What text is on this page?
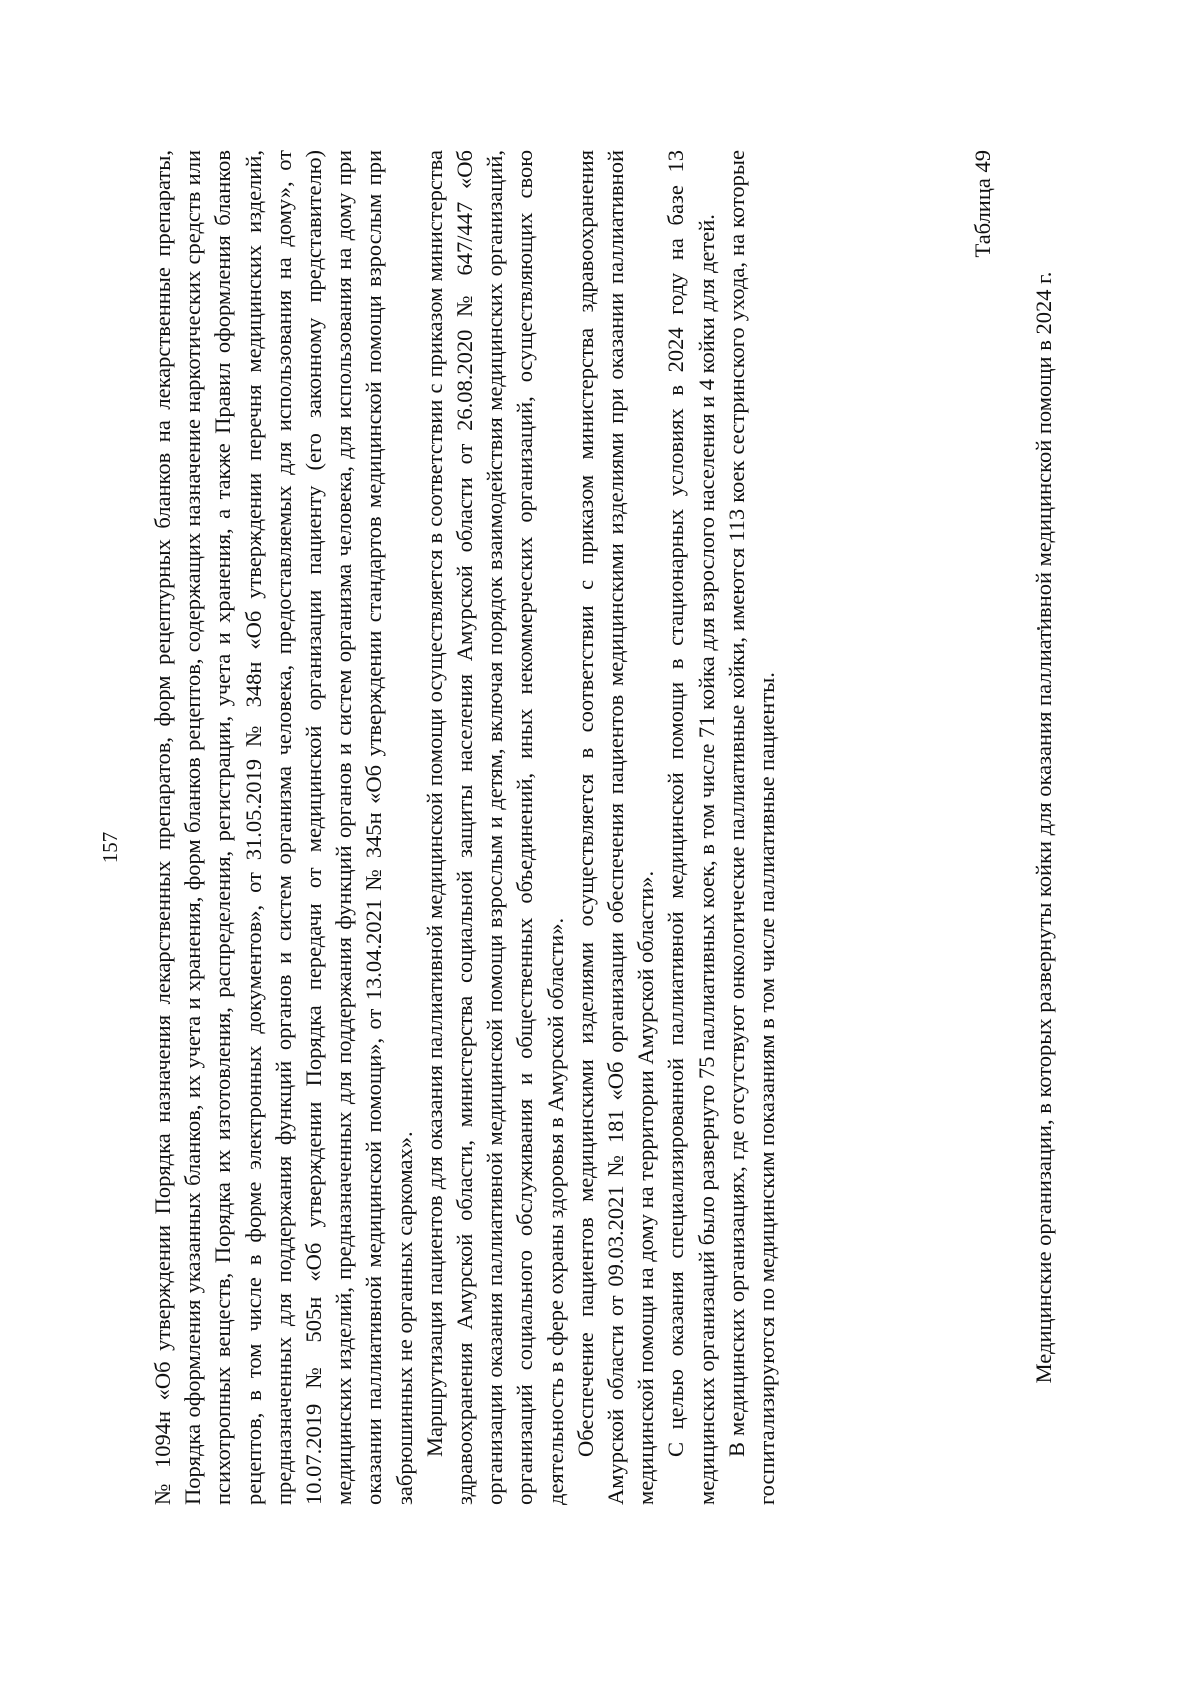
157 № 1094н «Об утверждении Порядка назначения лекарственных препаратов, форм рецептурных бланков на лекарственные препараты, Порядка оформления указанных бланков, их учета и хранения, форм бланков рецептов, содержащих назначение наркотических средств или психотропных веществ, Порядка их изготовления, распределения, регистрации, учета и хранения, а также Правил оформления бланков рецептов, в том числе в форме электронных документов», от 31.05.2019 № 348н «Об утверждении перечня медицинских изделий, предназначенных для поддержания функций органов и систем организма человека, предоставляемых для использования на дому», от 10.07.2019 № 505н «Об утверждении Порядка передачи от медицинской организации пациенту (его законному представителю) медицинских изделий, предназначенных для поддержания функций органов и систем организма человека, для использования на дому при оказании паллиативной медицинской помощи», от 13.04.2021 № 345н «Об утверждении стандартов медицинской помощи взрослым при забрюшинных не органных саркомах». Маршрутизация пациентов для оказания паллиативной медицинской помощи осуществляется в соответствии с приказом министерства здравоохранения Амурской области, министерства социальной защиты населения Амурской области от 26.08.2020 № 647/447 «Об организации оказания паллиативной медицинской помощи взрослым и детям, включая порядок взаимодействия медицинских организаций, организаций социального обслуживания и общественных объединений, иных некоммерческих организаций, осуществляющих свою деятельность в сфере охраны здоровья в Амурской области». Обеспечение пациентов медицинскими изделиями осуществляется в соответствии с приказом министерства здравоохранения Амурской области от 09.03.2021 № 181 «Об организации обеспечения пациентов медицинскими изделиями при оказании паллиативной медицинской помощи на дому на территории Амурской области». С целью оказания специализированной паллиативной медицинской помощи в стационарных условиях в 2024 году на базе 13 медицинских организаций было развернуто 75 паллиативных коек, в том числе 71 койка для взрослого населения и 4 койки для детей. В медицинских организациях, где отсутствуют онкологические паллиативные койки, имеются 113 коек сестринского ухода, на которые госпитализируются по медицинским показаниям в том числе паллиативные пациенты.

Таблица 49
Медицинские организации, в которых развернуты койки для оказания паллиативной медицинской помощи в 2024 г.
